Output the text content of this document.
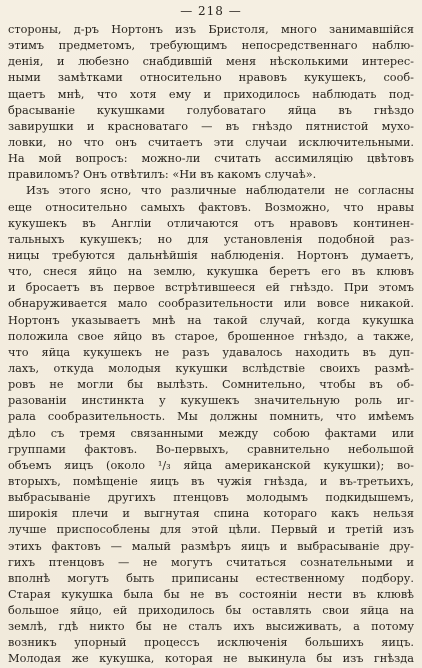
— 218 —
стороны, д-ръ Нортонъ изъ Бристоля, много занимавшійся
этимъ предметомъ, требующимъ непосредственнаго наблю-
денія, и любезно снабдившій меня нѣсколькими интерес-
ными замѣтками относительно нравовъ кукушекъ, сооб-
щаетъ мнѣ, что хотя ему и приходилось наблюдать под-
брасываніе кукушками голубоватаго яйца въ гнѣздо
завирушки и красноватаго — въ гнѣздо пятнистой мухо-
ловки, но что онъ считаетъ эти случаи исключительными.
На мой вопросъ: можно-ли считать ассимиляцію цвѣтовъ
правиломъ? Онъ отвѣтилъ: «Ни въ какомъ случаѣ».
Изъ этого ясно, что различные наблюдатели не согласны
еще относительно самыхъ фактовъ. Возможно, что нравы
кукушекъ въ Англіи отличаются отъ нравовъ континен-
тальныхъ кукушекъ; но для установленія подобной раз-
ницы требуются дальнѣйшія наблюденія. Нортонъ думаетъ,
что, снеся яйцо на землю, кукушка беретъ его въ клювъ
и бросаетъ въ первое встрѣтившееся ей гнѣздо. При этомъ
обнаруживается мало сообразительности или вовсе никакой.
Нортонъ указываетъ мнѣ на такой случай, когда кукушка
положила свое яйцо въ старое, брошенное гнѣздо, а также,
что яйца кукушекъ не разъ удавалось находить въ дуп-
лахъ, откуда молодыя кукушки вслѣдствіе своихъ размѣ-
ровъ не могли бы вылѣзть. Сомнительно, чтобы въ об-
разованіи инстинкта у кукушекъ значительную роль иг-
рала сообразительность. Мы должны помнить, что имѣемъ
дѣло съ тремя связанными между собою фактами или
группами фактовъ. Во-первыхъ, сравнительно небольшой
объемъ яицъ (около ¹/₃ яйца американской кукушки); во-
вторыхъ, помѣщеніе яицъ въ чужія гнѣзда, и въ-третьихъ,
выбрасываніе другихъ птенцовъ молодымъ подкидышемъ,
широкія плечи и выгнутая спина котораго какъ нельзя
лучше приспособлены для этой цѣли. Первый и третій изъ
этихъ фактовъ — малый размѣръ яицъ и выбрасываніе дру-
гихъ птенцовъ — не могутъ считаться сознательными и
вполнѣ могутъ быть приписаны естественному подбору.
Старая кукушка была бы не въ состояніи нести въ клювѣ
большое яйцо, ей приходилось бы оставлять свои яйца на
землѣ, гдѣ никто бы не сталъ ихъ высиживать, а потому
возникъ упорный процессъ исключенія большихъ яицъ.
Молодая же кукушка, которая не выкинула бы изъ гнѣзда
